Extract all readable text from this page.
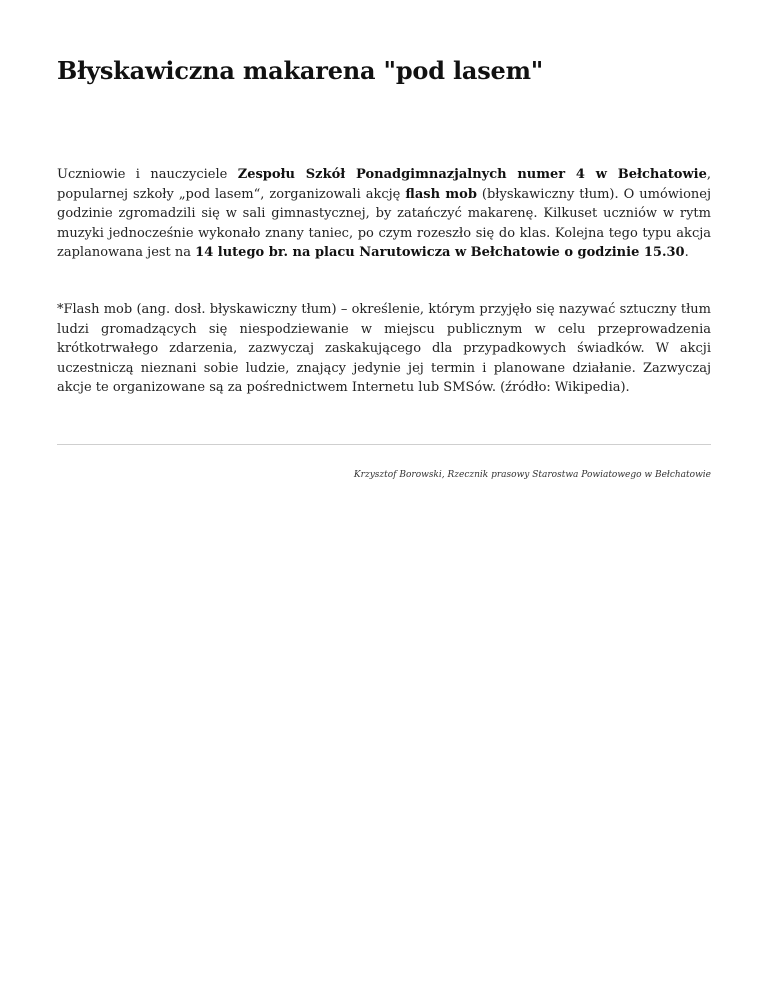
Błyskawiczna makarena "pod lasem"

Uczniowie i nauczyciele Zespołu Szkół Ponadgimnazjalnych numer 4 w Bełchatowie, popularnej szkoły „pod lasem“, zorganizowali akcję flash mob (błyskawiczny tłum). O umówionej godzinie zgromadzili się w sali gimnastycznej, by zatańczyć makarenę. Kilkuset uczniów w rytm muzyki jednocześnie wykonało znany taniec, po czym rozeszło się do klas. Kolejna tego typu akcja zaplanowana jest na 14 lutego br. na placu Narutowicza w Bełchatowie o godzinie 15.30.

*Flash mob (ang. dosł. błyskawiczny tłum) – określenie, którym przyjęło się nazywać sztuczny tłum ludzi gromadzących się niespodziewanie w miejscu publicznym w celu przeprowadzenia krótkotrwałego zdarzenia, zazwyczaj zaskakującego dla przypadkowych świadków. W akcji uczestniczą nieznani sobie ludzie, znający jedynie jej termin i planowane działanie. Zazwyczaj akcje te organizowane są za pośrednictwem Internetu lub SMSów. (źródło: Wikipedia).

Krzysztof Borowski, Rzecznik prasowy Starostwa Powiatowego w Bełchatowie
